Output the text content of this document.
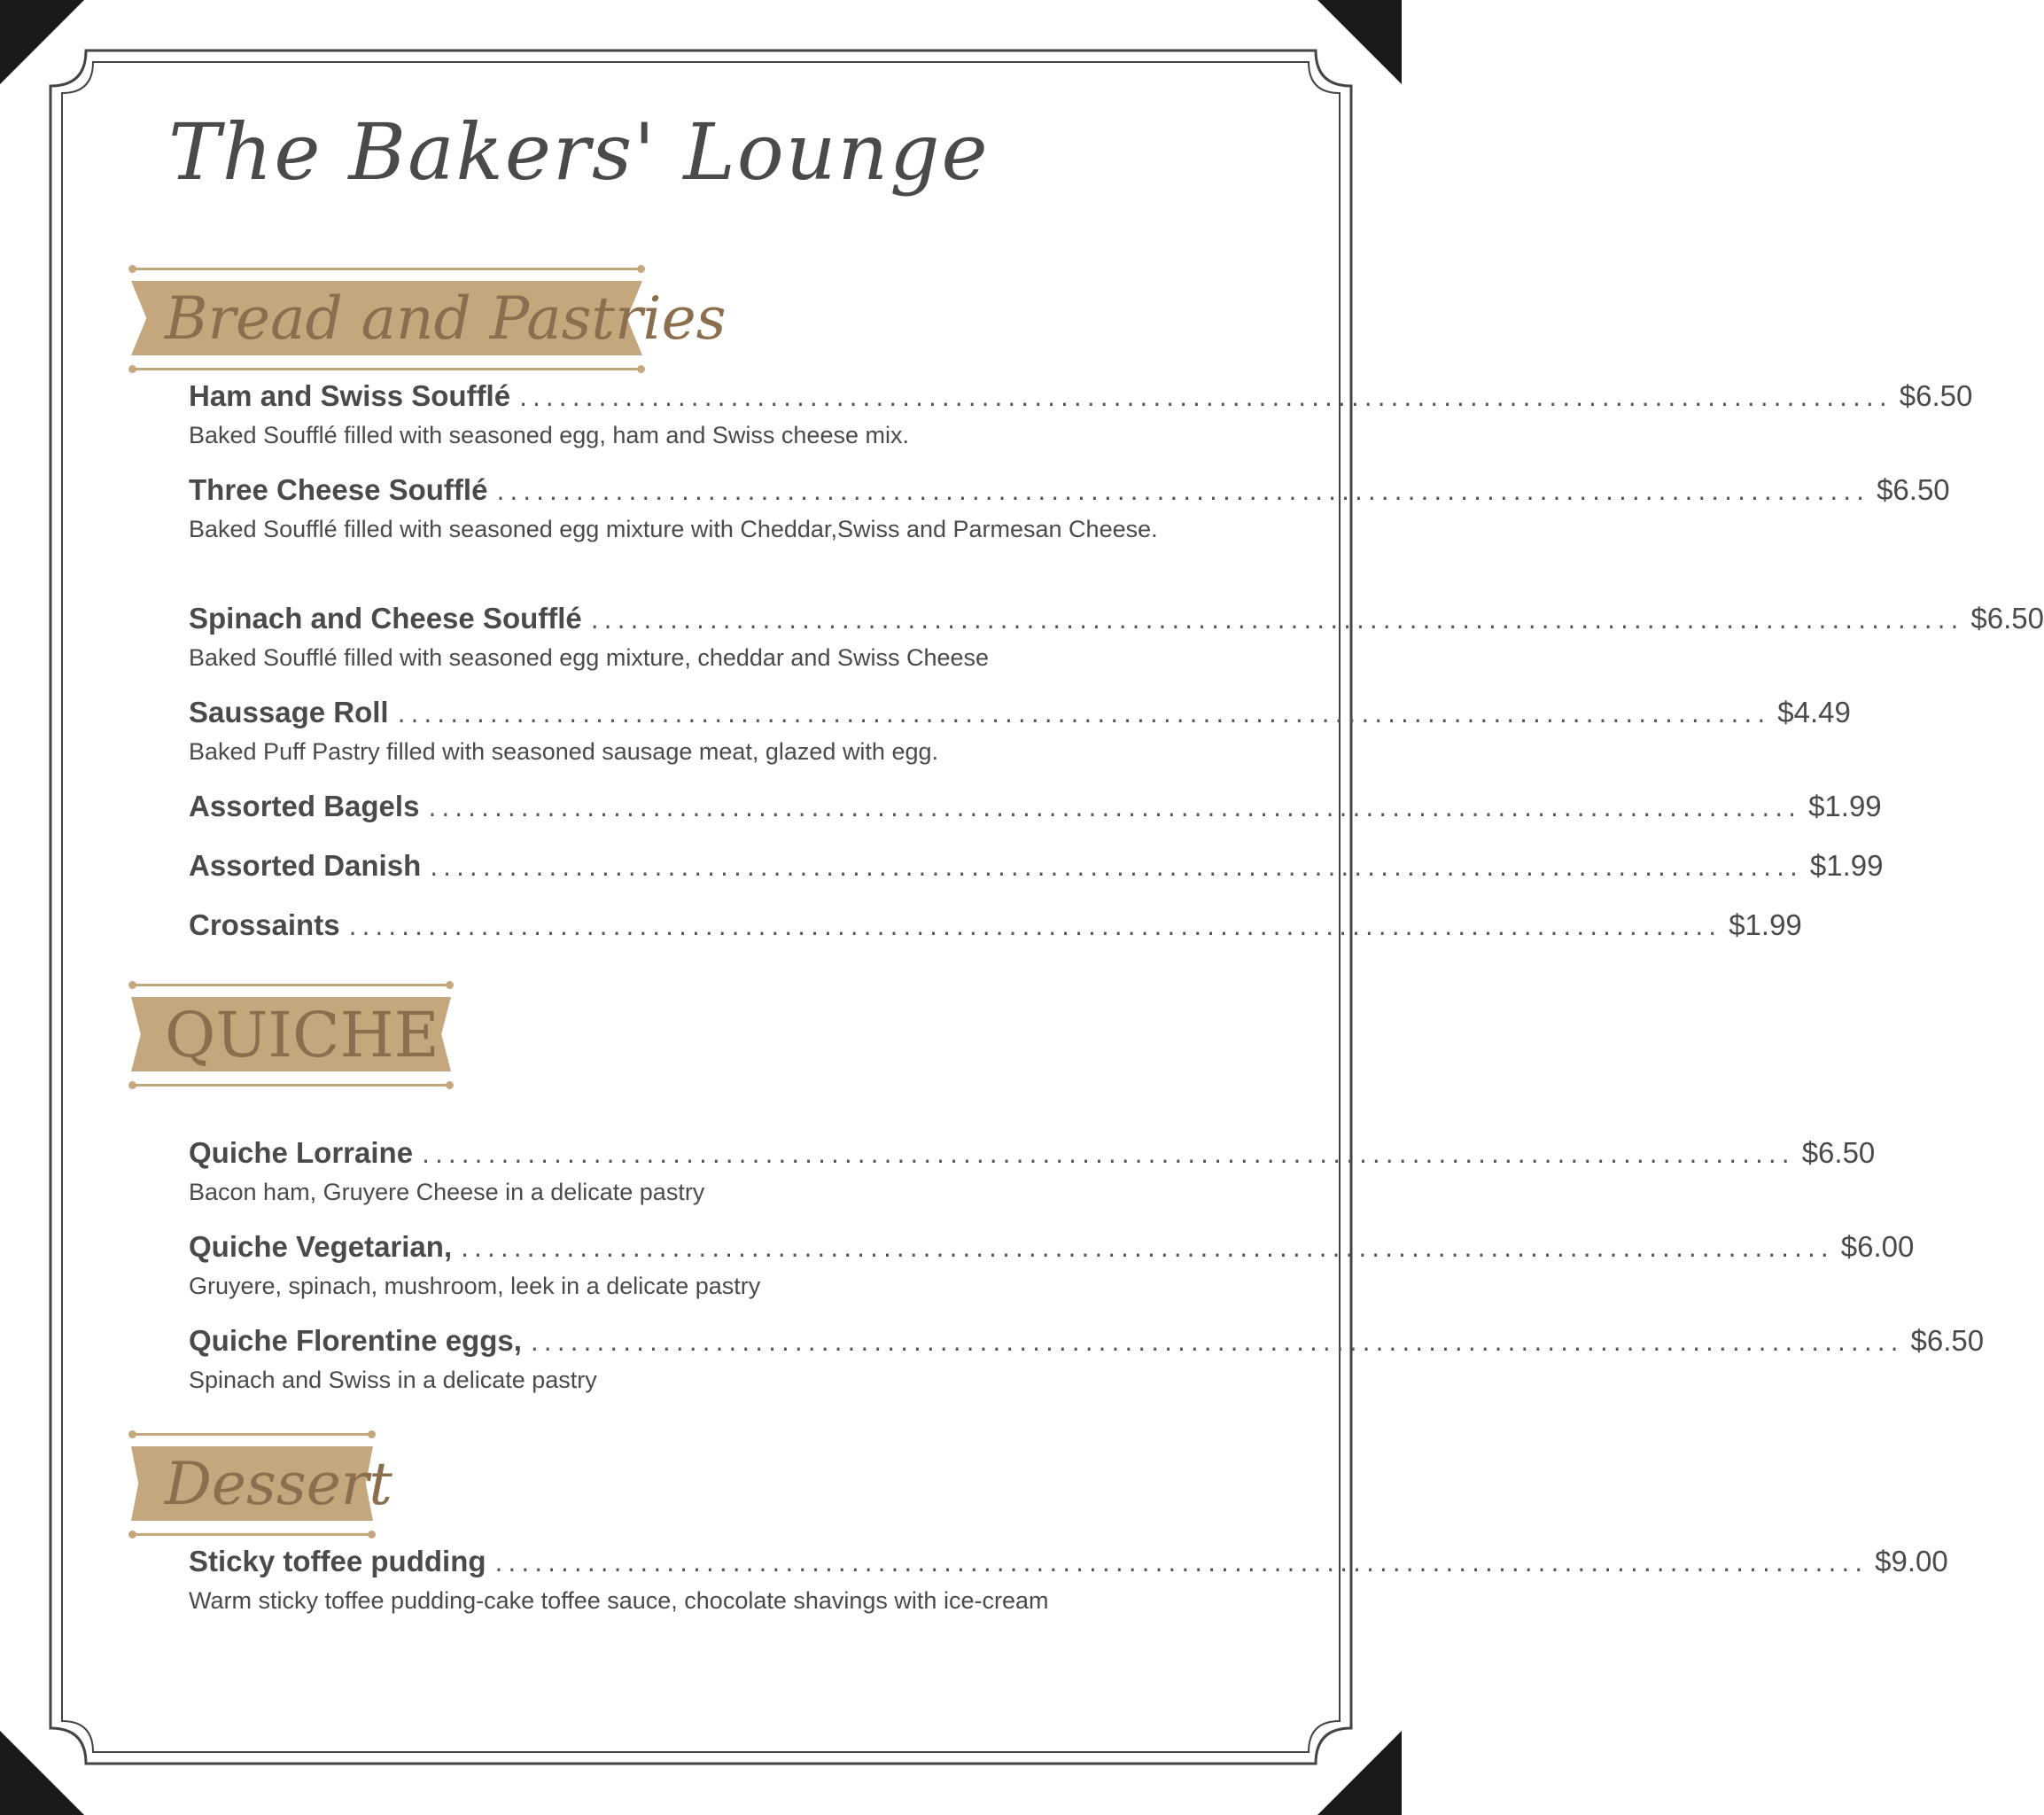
The Bakers' Lounge
Bread and Pastries
Ham and Swiss Soufflé ........................................................................................................ $6.50
Baked Soufflé filled with seasoned egg, ham and Swiss cheese mix.
Three Cheese Soufflé ........................................................................................................ $6.50
Baked Soufflé filled with seasoned egg mixture with Cheddar,Swiss and Parmesan Cheese.
Spinach and Cheese Soufflé ........................................................................................................ $6.50
Baked Soufflé filled with seasoned egg mixture, cheddar and Swiss Cheese
Saussage Roll ........................................................................................................ $4.49
Baked Puff Pastry filled with seasoned sausage meat, glazed with egg.
Assorted Bagels ........................................................................................................ $1.99
Assorted Danish ........................................................................................................ $1.99
Crossaints ........................................................................................................ $1.99
QUICHE
Quiche Lorraine ........................................................................................................ $6.50
Bacon ham, Gruyere Cheese in a delicate pastry
Quiche Vegetarian, ........................................................................................................ $6.00
Gruyere, spinach, mushroom, leek in a delicate pastry
Quiche Florentine eggs, ........................................................................................................ $6.50
Spinach and Swiss in a delicate pastry
Dessert
Sticky toffee pudding ........................................................................................................ $9.00
Warm sticky toffee pudding-cake toffee sauce, chocolate shavings with ice-cream
